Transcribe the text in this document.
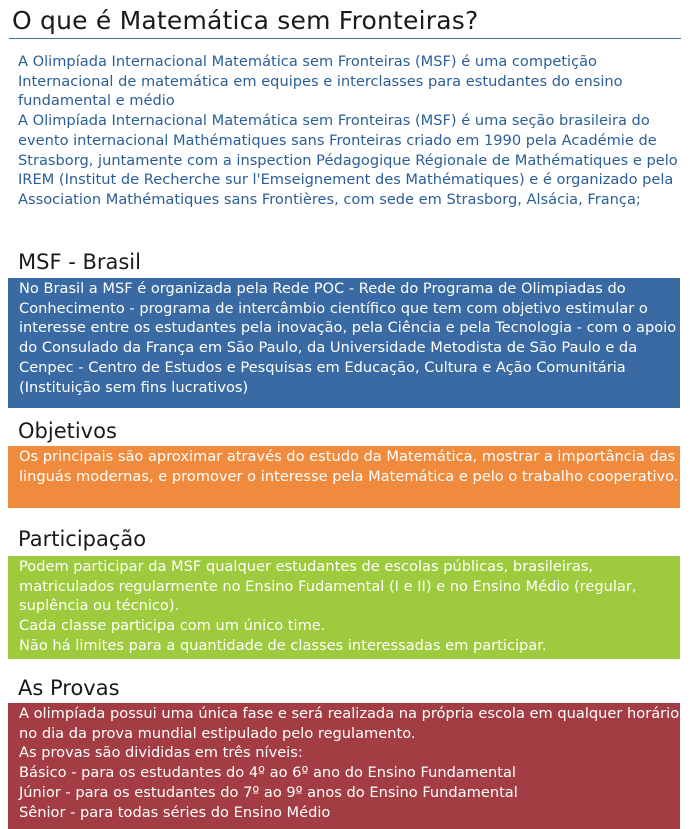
O que é Matemática sem Fronteiras?

A Olimpíada Internacional Matemática sem Fronteiras (MSF) é uma competição Internacional de matemática em equipes e interclasses para estudantes do ensino fundamental e médio

A Olimpíada Internacional Matemática sem Fronteiras (MSF) é uma seção brasileira do evento internacional Mathématiques sans Fronteiras criado em 1990 pela Académie de Strasborg, juntamente com a inspection Pédagogique Régionale de Mathématiques e pelo IREM (Institut de Recherche sur l'Emseignement des Mathématiques) e é organizado pela Association Mathématiques sans Frontières, com sede em Strasborg, Alsácia, França;

MSF - Brasil

No Brasil a MSF é organizada pela Rede POC - Rede do Programa de Olimpiadas do Conhecimento - programa de intercâmbio científico que tem com objetivo estimular o interesse entre os estudantes pela inovação, pela Ciência e pela Tecnologia - com o apoio do Consulado da França em São Paulo, da Universidade Metodista de São Paulo e da Cenpec - Centro de Estudos e Pesquisas em Educação, Cultura e Ação Comunitária (Instituição sem fins lucrativos)

Objetivos

Os principais são aproximar através do estudo da Matemática, mostrar a importância das linguás modernas, e promover o interesse pela Matemática e pelo o trabalho cooperativo.

Participação

Podem participar da MSF qualquer estudantes de escolas públicas, brasileiras, matriculados regularmente no Ensino Fudamental (I e II) e no Ensino Médio (regular, suplência ou técnico).

Cada classe participa com um único time.

Não há limites para a quantidade de classes interessadas em participar.

As Provas

A olimpíada possui uma única fase e será realizada na própria escola em qualquer horário no dia da prova mundial estipulado pelo regulamento.

As provas são divididas em três níveis:

Básico - para os estudantes do 4º ao 6º ano do Ensino Fundamental

Júnior - para os estudantes do 7º ao 9º anos do Ensino Fundamental

Sênior - para todas séries do Ensino Médio
